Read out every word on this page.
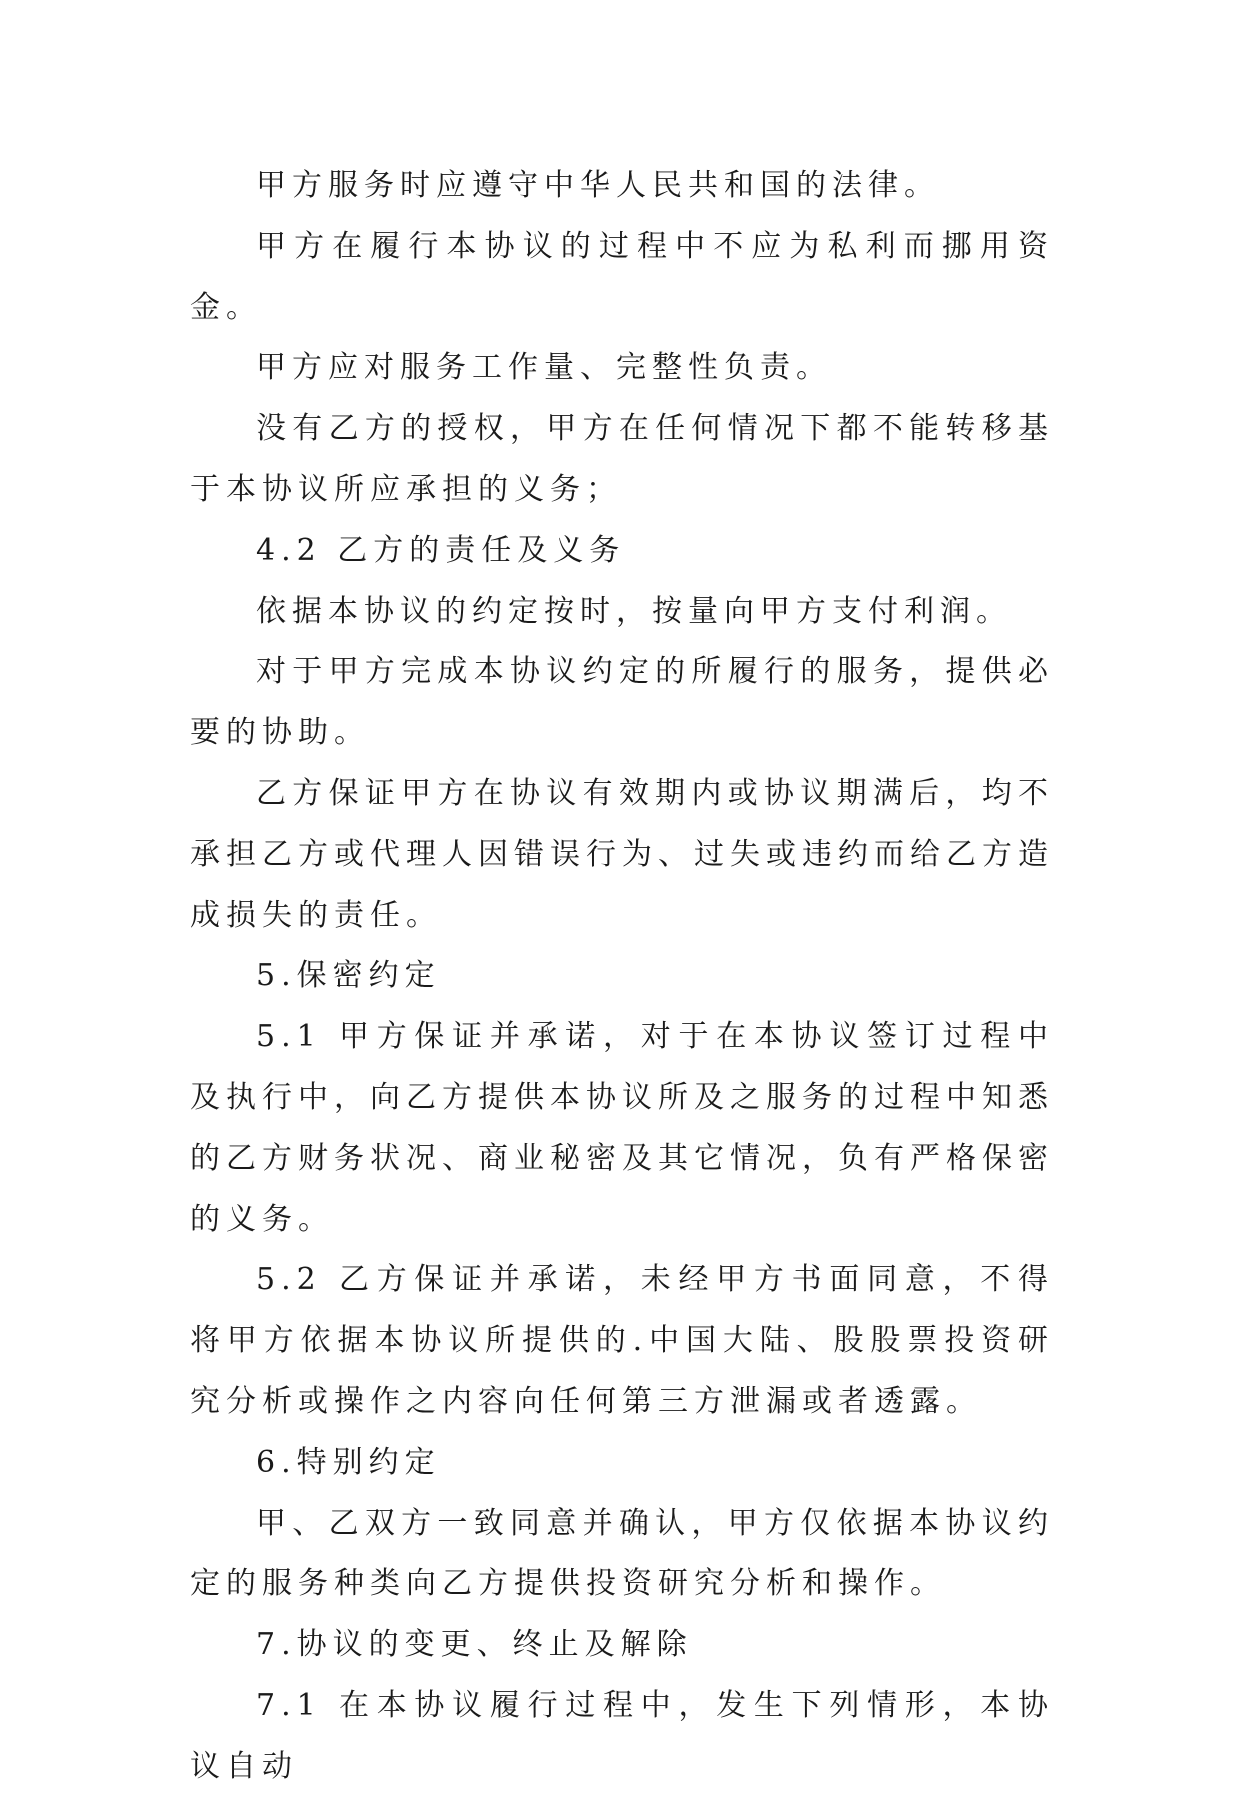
甲方服务时应遵守中华人民共和国的法律。

甲方在履行本协议的过程中不应为私利而挪用资金。

甲方应对服务工作量、完整性负责。

没有乙方的授权，甲方在任何情况下都不能转移基于本协议所应承担的义务；

4.2 乙方的责任及义务

依据本协议的约定按时，按量向甲方支付利润。

对于甲方完成本协议约定的所履行的服务，提供必要的协助。

乙方保证甲方在协议有效期内或协议期满后，均不承担乙方或代理人因错误行为、过失或违约而给乙方造成损失的责任。

5.保密约定

5.1 甲方保证并承诺，对于在本协议签订过程中及执行中，向乙方提供本协议所及之服务的过程中知悉的乙方财务状况、商业秘密及其它情况，负有严格保密的义务。

5.2 乙方保证并承诺，未经甲方书面同意，不得将甲方依据本协议所提供的.中国大陆、股股票投资研究分析或操作之内容向任何第三方泄漏或者透露。

6.特别约定

甲、乙双方一致同意并确认，甲方仅依据本协议约定的服务种类向乙方提供投资研究分析和操作。

7.协议的变更、终止及解除

7.1 在本协议履行过程中，发生下列情形，本协议自动
